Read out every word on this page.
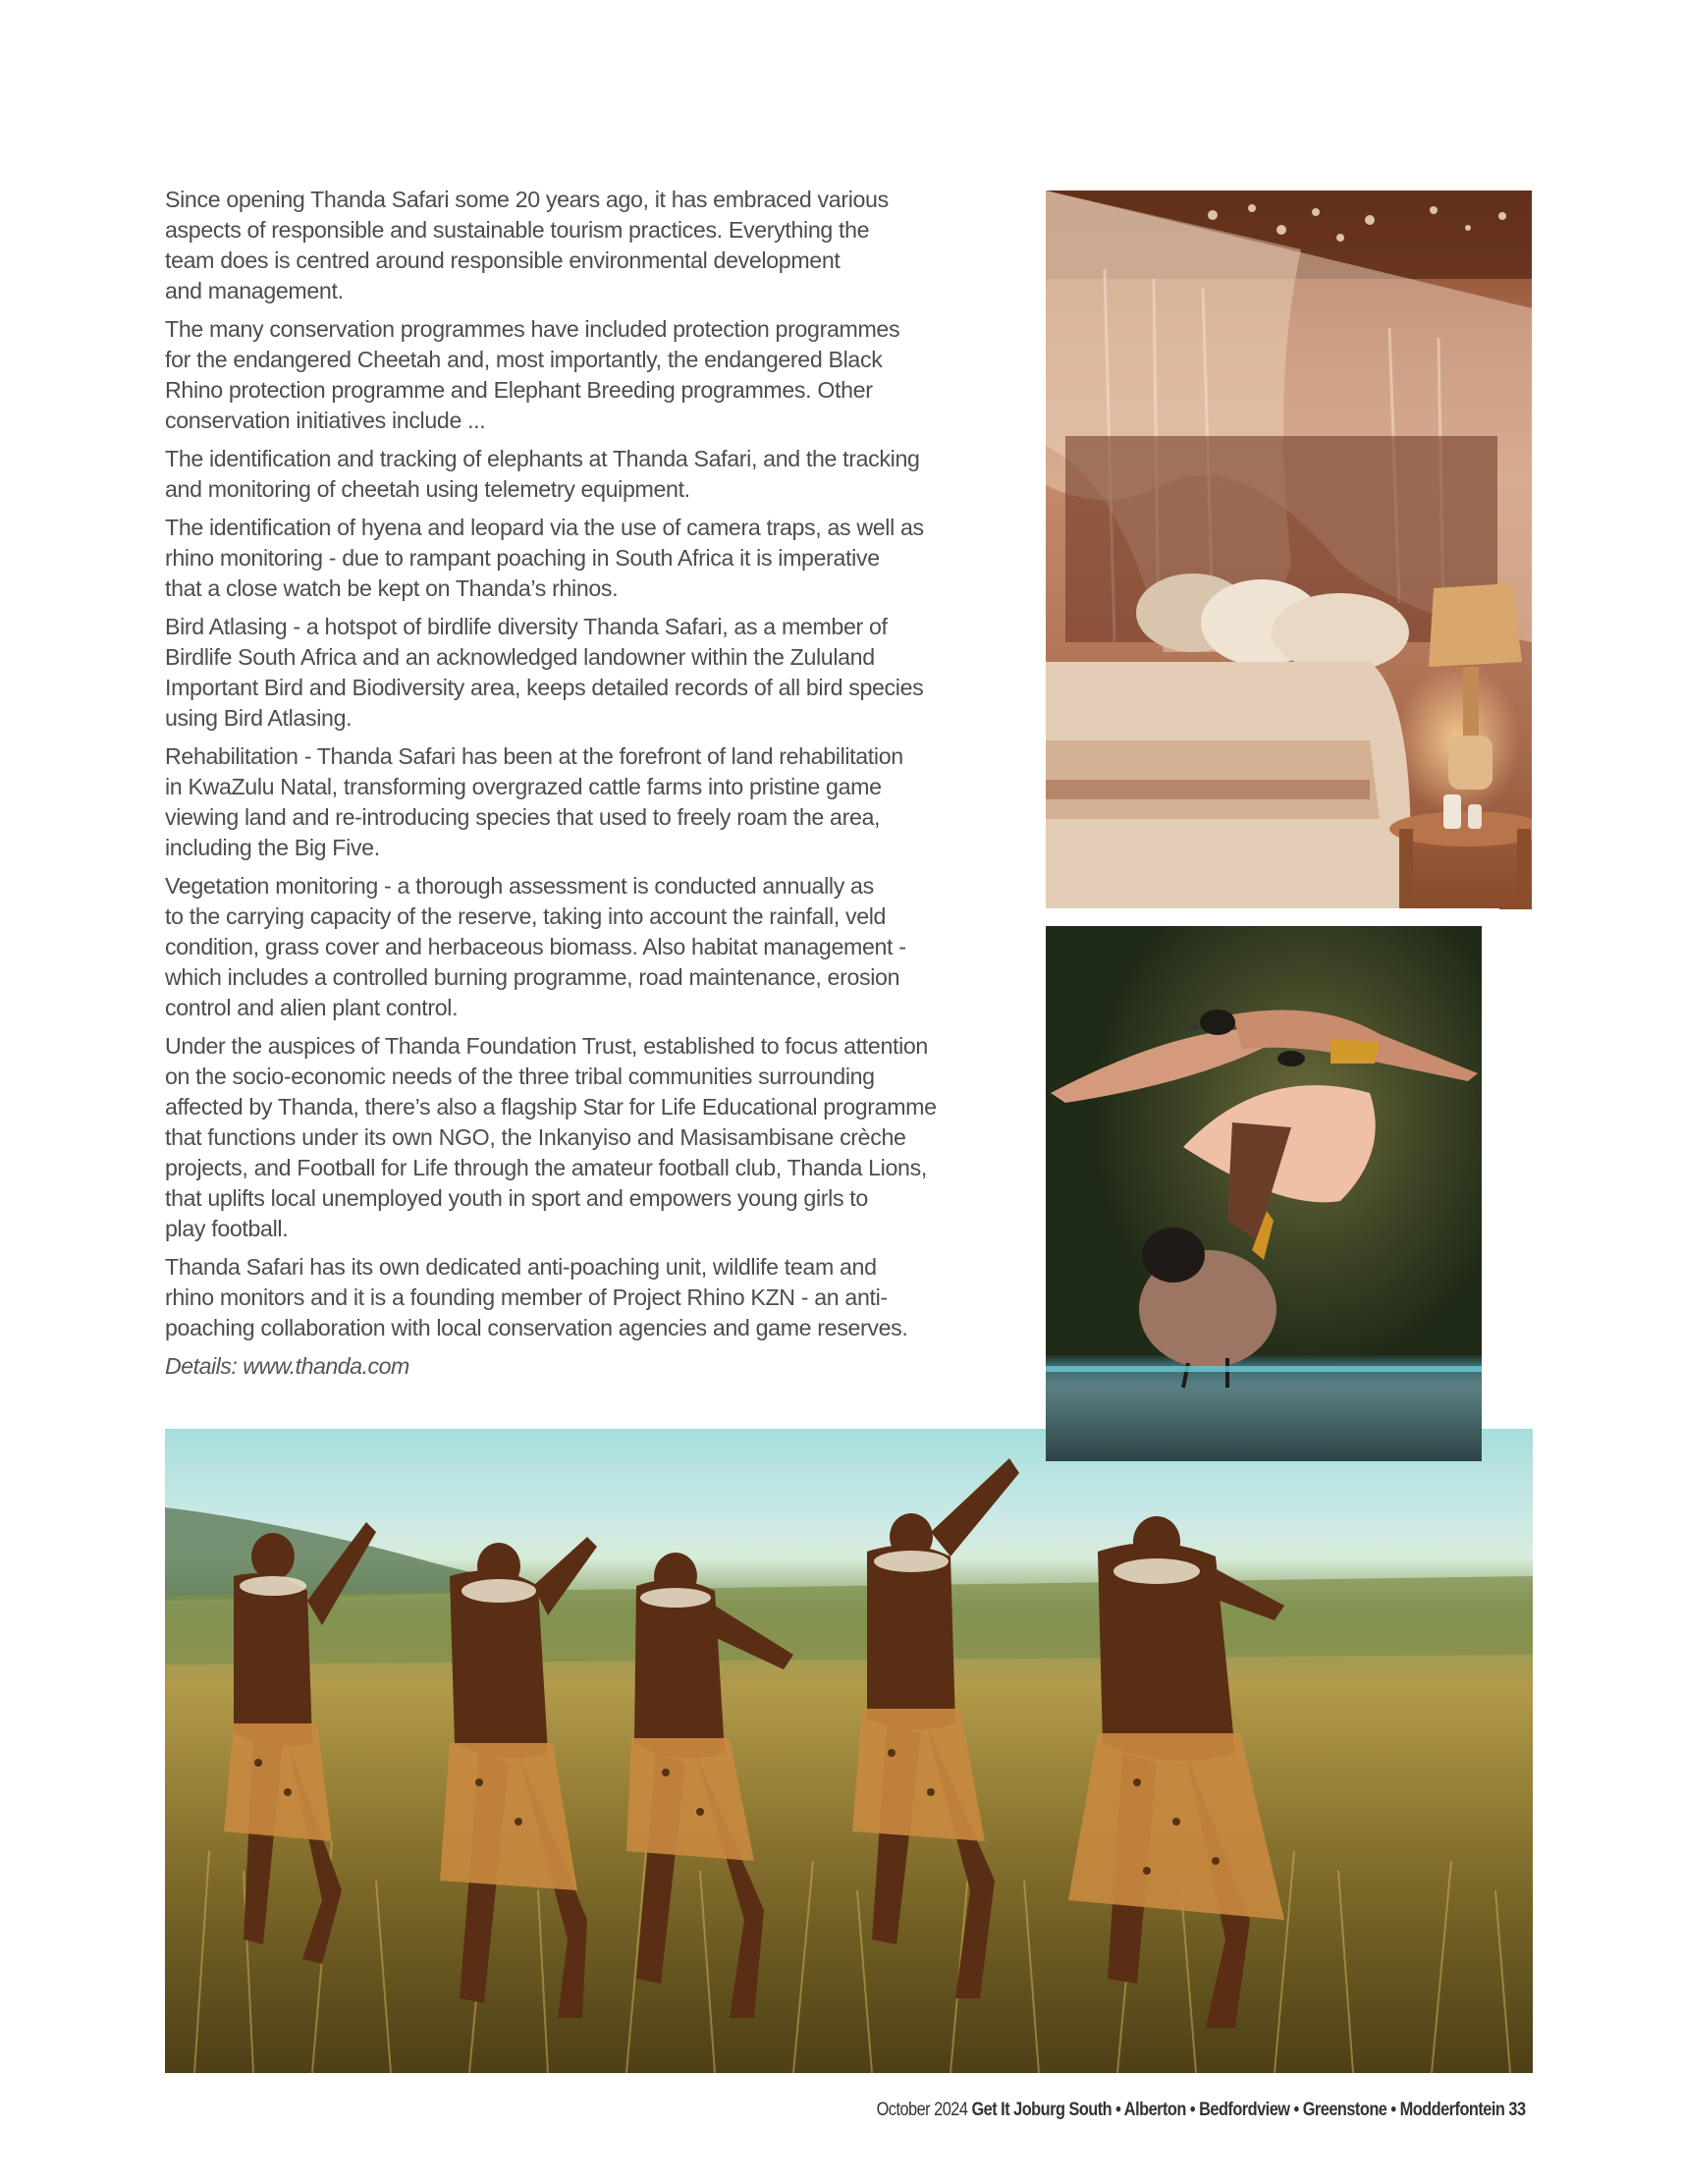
Since opening Thanda Safari some 20 years ago, it has embraced various
aspects of responsible and sustainable tourism practices. Everything the
team does is centred around responsible environmental development
and management.

The many conservation programmes have included protection programmes
for the endangered Cheetah and, most importantly, the endangered Black
Rhino protection programme and Elephant Breeding programmes. Other
conservation initiatives include ...

The identification and tracking of elephants at Thanda Safari, and the tracking
and monitoring of cheetah using telemetry equipment.

The identification of hyena and leopard via the use of camera traps, as well as
rhino monitoring - due to rampant poaching in South Africa it is imperative
that a close watch be kept on Thanda’s rhinos.

Bird Atlasing - a hotspot of birdlife diversity Thanda Safari, as a member of
Birdlife South Africa and an acknowledged landowner within the Zululand
Important Bird and Biodiversity area, keeps detailed records of all bird species
using Bird Atlasing.

Rehabilitation - Thanda Safari has been at the forefront of land rehabilitation
in KwaZulu Natal, transforming overgrazed cattle farms into pristine game
viewing land and re-introducing species that used to freely roam the area,
including the Big Five.

Vegetation monitoring - a thorough assessment is conducted annually as
to the carrying capacity of the reserve, taking into account the rainfall, veld
condition, grass cover and herbaceous biomass. Also habitat management -
which includes a controlled burning programme, road maintenance, erosion
control and alien plant control.

Under the auspices of Thanda Foundation Trust, established to focus attention
on the socio-economic needs of the three tribal communities surrounding
affected by Thanda, there’s also a flagship Star for Life Educational programme
that functions under its own NGO, the Inkanyiso and Masisambisane crèche
projects, and Football for Life through the amateur football club, Thanda Lions,
that uplifts local unemployed youth in sport and empowers young girls to
play football.

Thanda Safari has its own dedicated anti-poaching unit, wildlife team and
rhino monitors and it is a founding member of Project Rhino KZN - an anti-
poaching collaboration with local conservation agencies and game reserves.

Details: www.thanda.com
October 2024 Get It Joburg South • Alberton • Bedfordview • Greenstone • Modderfontein 33
